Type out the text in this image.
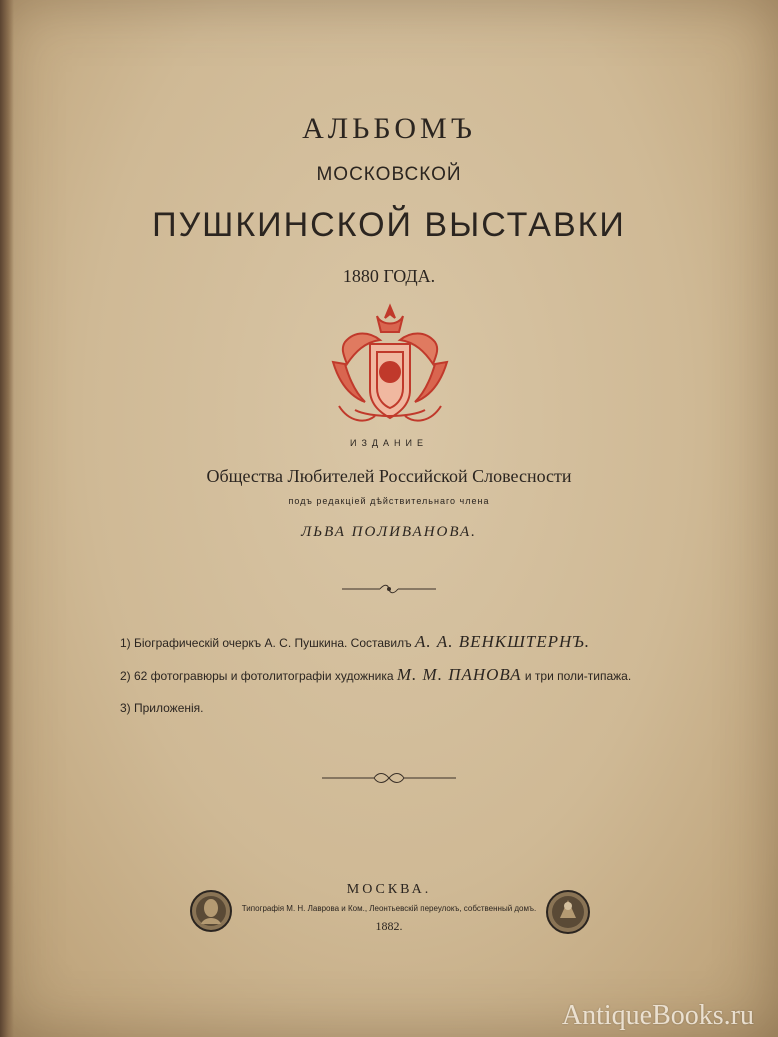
АЛЬБОМЪ
МОСКОВСКОЙ
ПУШКИНСКОЙ ВЫСТАВКИ
1880 ГОДА.
ИЗДАНИЕ
Общества Любителей Российской Словесности
подъ редакцiей дѣйствительнаго члена
ЛЬВА ПОЛИВАНОВА.
1) Бiографическiй очеркъ А. С. Пушкина. Составилъ А. А. ВЕНКШТЕРНЪ.
2) 62 фотогравюры и фотолитографiи художника М. М. ПАНОВА и три поли-типажа.
3) Приложенiя.
МОСКВА.
Типографiя М. Н. Лаврова и Ком., Леонтьевскiй переулокъ, собственный домъ.
1882.
AntiqueBooks.ru
